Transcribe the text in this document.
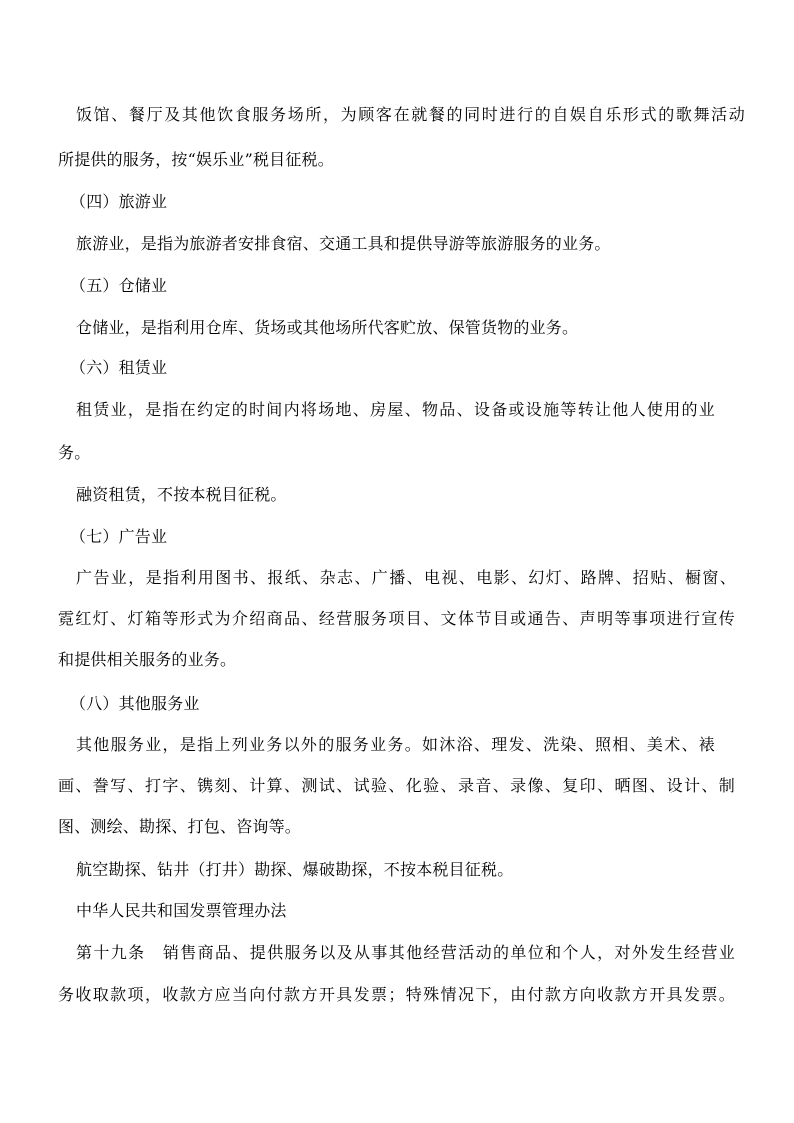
饭馆、餐厅及其他饮食服务场所，为顾客在就餐的同时进行的自娱自乐形式的歌舞活动
所提供的服务，按“娱乐业”税目征税。
（四）旅游业
旅游业，是指为旅游者安排食宿、交通工具和提供导游等旅游服务的业务。
（五）仓储业
仓储业，是指利用仓库、货场或其他场所代客贮放、保管货物的业务。
（六）租赁业
租赁业，是指在约定的时间内将场地、房屋、物品、设备或设施等转让他人使用的业
务。
融资租赁，不按本税目征税。
（七）广告业
广告业，是指利用图书、报纸、杂志、广播、电视、电影、幻灯、路牌、招贴、橱窗、
霓红灯、灯箱等形式为介绍商品、经营服务项目、文体节目或通告、声明等事项进行宣传
和提供相关服务的业务。
（八）其他服务业
其他服务业，是指上列业务以外的服务业务。如沐浴、理发、洗染、照相、美术、裱
画、誊写、打字、镌刻、计算、测试、试验、化验、录音、录像、复印、晒图、设计、制
图、测绘、勘探、打包、咨询等。
航空勘探、钻井（打井）勘探、爆破勘探，不按本税目征税。
中华人民共和国发票管理办法
第十九条　销售商品、提供服务以及从事其他经营活动的单位和个人，对外发生经营业
务收取款项，收款方应当向付款方开具发票；特殊情况下，由付款方向收款方开具发票。
